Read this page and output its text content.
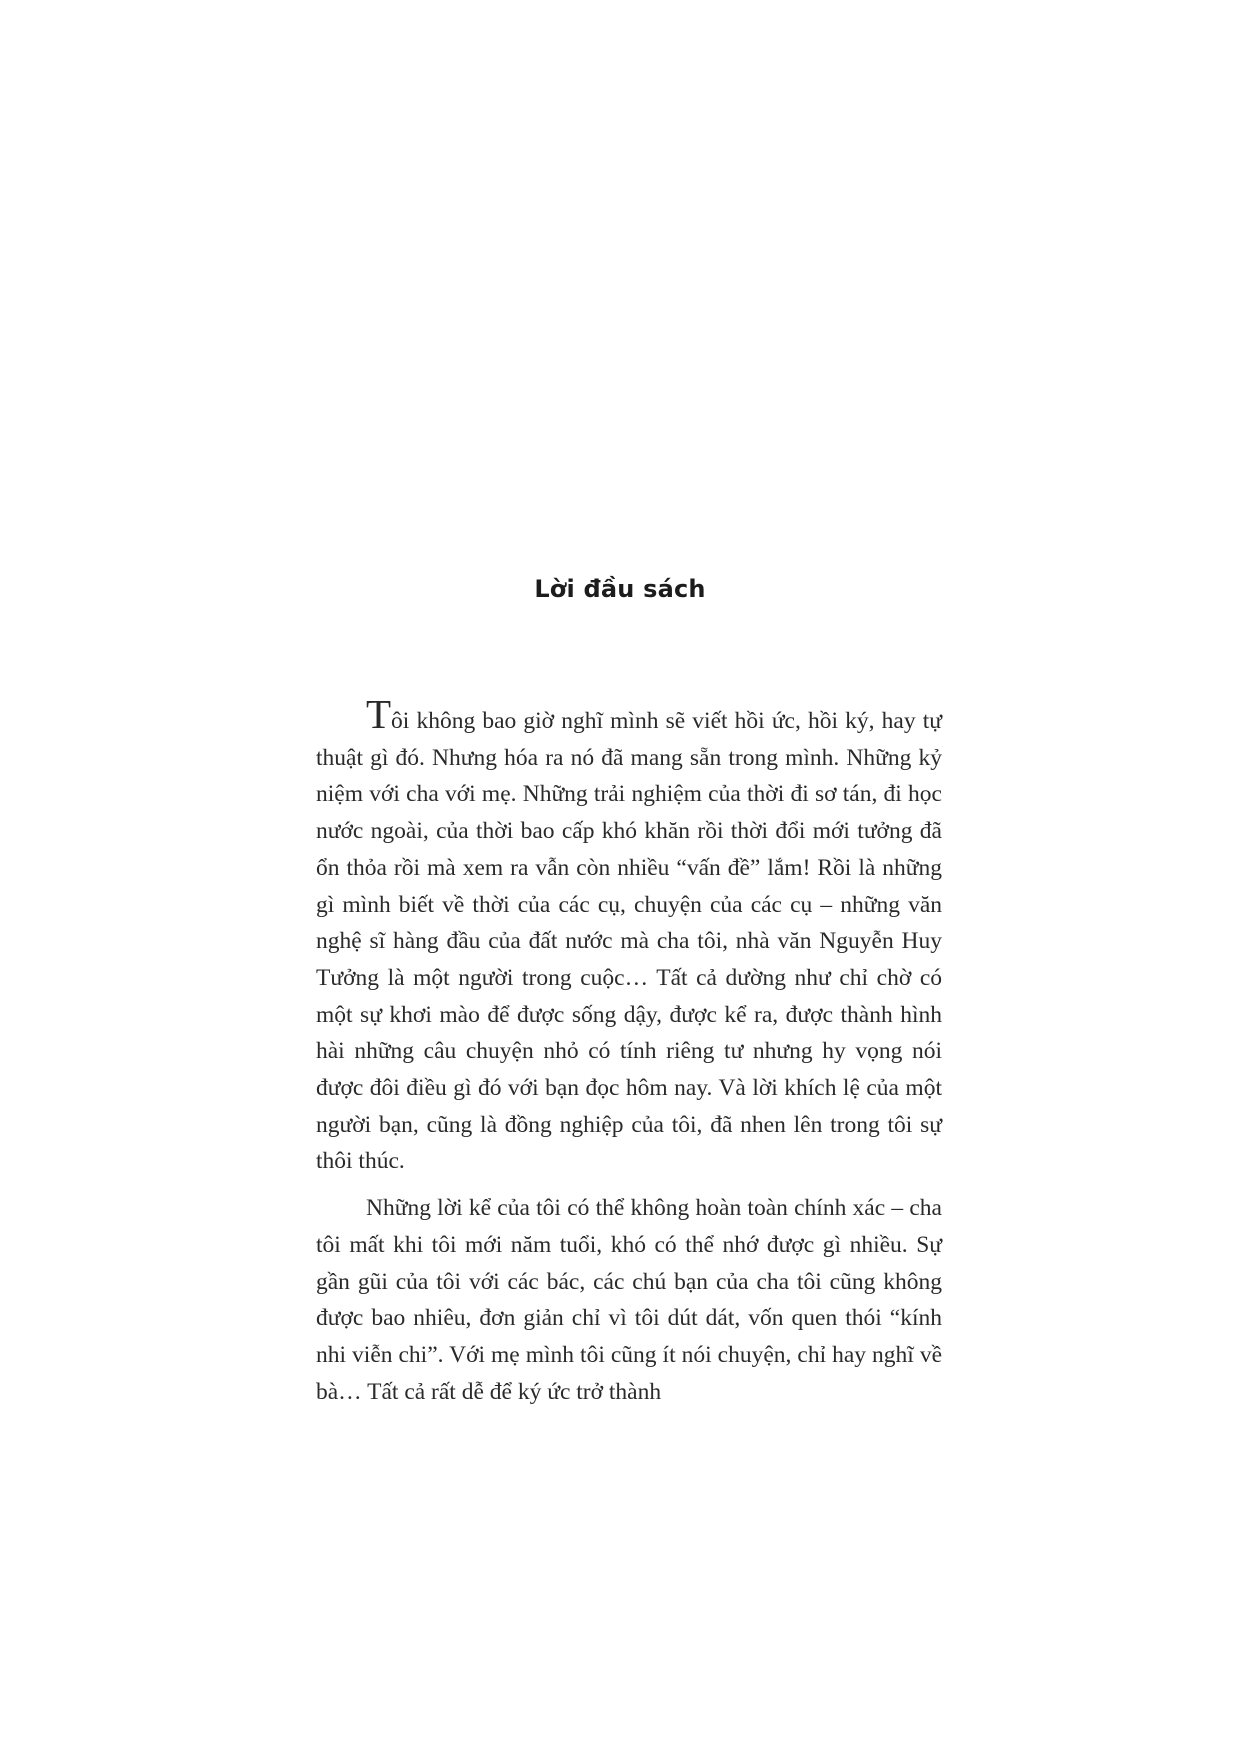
Lời đầu sách

Tôi không bao giờ nghĩ mình sẽ viết hồi ức, hồi ký, hay tự thuật gì đó. Nhưng hóa ra nó đã mang sẵn trong mình. Những kỷ niệm với cha với mẹ. Những trải nghiệm của thời đi sơ tán, đi học nước ngoài, của thời bao cấp khó khăn rồi thời đổi mới tưởng đã ổn thỏa rồi mà xem ra vẫn còn nhiều “vấn đề” lắm! Rồi là những gì mình biết về thời của các cụ, chuyện của các cụ – những văn nghệ sĩ hàng đầu của đất nước mà cha tôi, nhà văn Nguyễn Huy Tưởng là một người trong cuộc… Tất cả dường như chỉ chờ có một sự khơi mào để được sống dậy, được kể ra, được thành hình hài những câu chuyện nhỏ có tính riêng tư nhưng hy vọng nói được đôi điều gì đó với bạn đọc hôm nay. Và lời khích lệ của một người bạn, cũng là đồng nghiệp của tôi, đã nhen lên trong tôi sự thôi thúc.

Những lời kể của tôi có thể không hoàn toàn chính xác – cha tôi mất khi tôi mới năm tuổi, khó có thể nhớ được gì nhiều. Sự gần gũi của tôi với các bác, các chú bạn của cha tôi cũng không được bao nhiêu, đơn giản chỉ vì tôi dút dát, vốn quen thói “kính nhi viễn chi”. Với mẹ mình tôi cũng ít nói chuyện, chỉ hay nghĩ về bà… Tất cả rất dễ để ký ức trở thành
